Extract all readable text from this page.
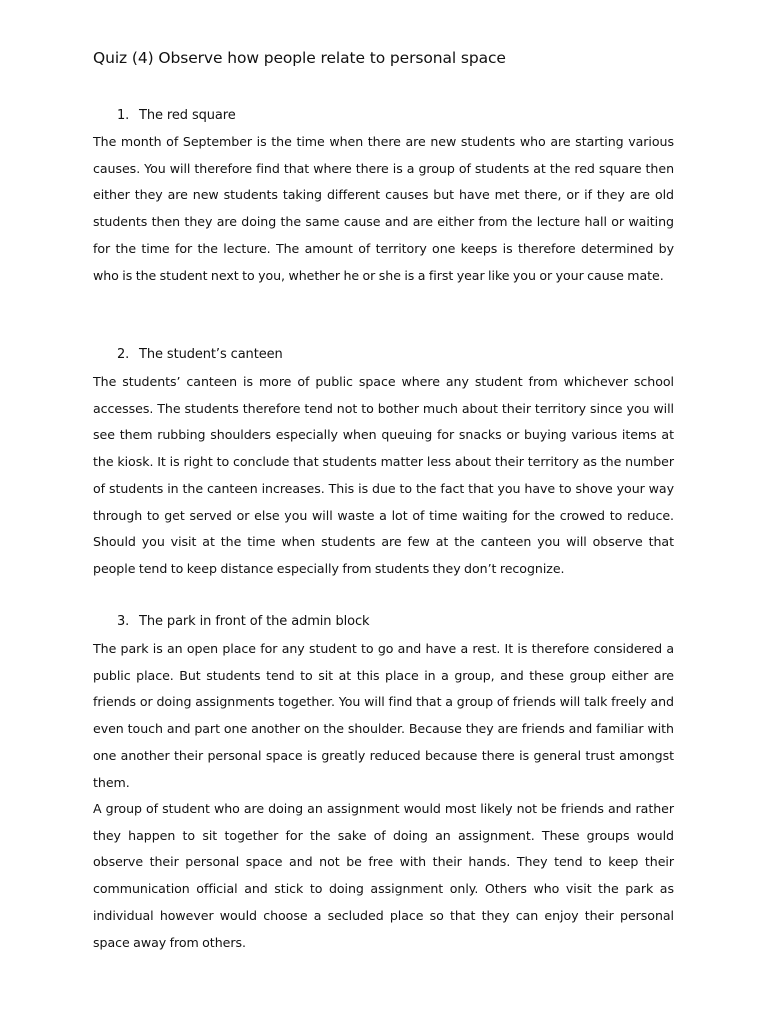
Quiz (4) Observe how people relate to personal space
1. The red square

The month of September is the time when there are new students who are starting various causes. You will therefore find that where there is a group of students at the red square then either they are new students taking different causes but have met there, or if they are old students then they are doing the same cause and are either from the lecture hall or waiting for the time for the lecture. The amount of territory one keeps is therefore determined by who is the student next to you, whether he or she is a first year like you or your cause mate.

2. The student’s canteen

The students’ canteen is more of public space where any student from whichever school accesses. The students therefore tend not to bother much about their territory since you will see them rubbing shoulders especially when queuing for snacks or buying various items at the kiosk. It is right to conclude that students matter less about their territory as the number of students in the canteen increases. This is due to the fact that you have to shove your way through to get served or else you will waste a lot of time waiting for the crowed to reduce. Should you visit at the time when students are few at the canteen you will observe that people tend to keep distance especially from students they don’t recognize.

3. The park in front of the admin block

The park is an open place for any student to go and have a rest. It is therefore considered a public place. But students tend to sit at this place in a group, and these group either are friends or doing assignments together. You will find that a group of friends will talk freely and even touch and part one another on the shoulder. Because they are friends and familiar with one another their personal space is greatly reduced because there is general trust amongst them.

A group of student who are doing an assignment would most likely not be friends and rather they happen to sit together for the sake of doing an assignment. These groups would observe their personal space and not be free with their hands. They tend to keep their communication official and stick to doing assignment only. Others who visit the park as individual however would choose a secluded place so that they can enjoy their personal space away from others.
